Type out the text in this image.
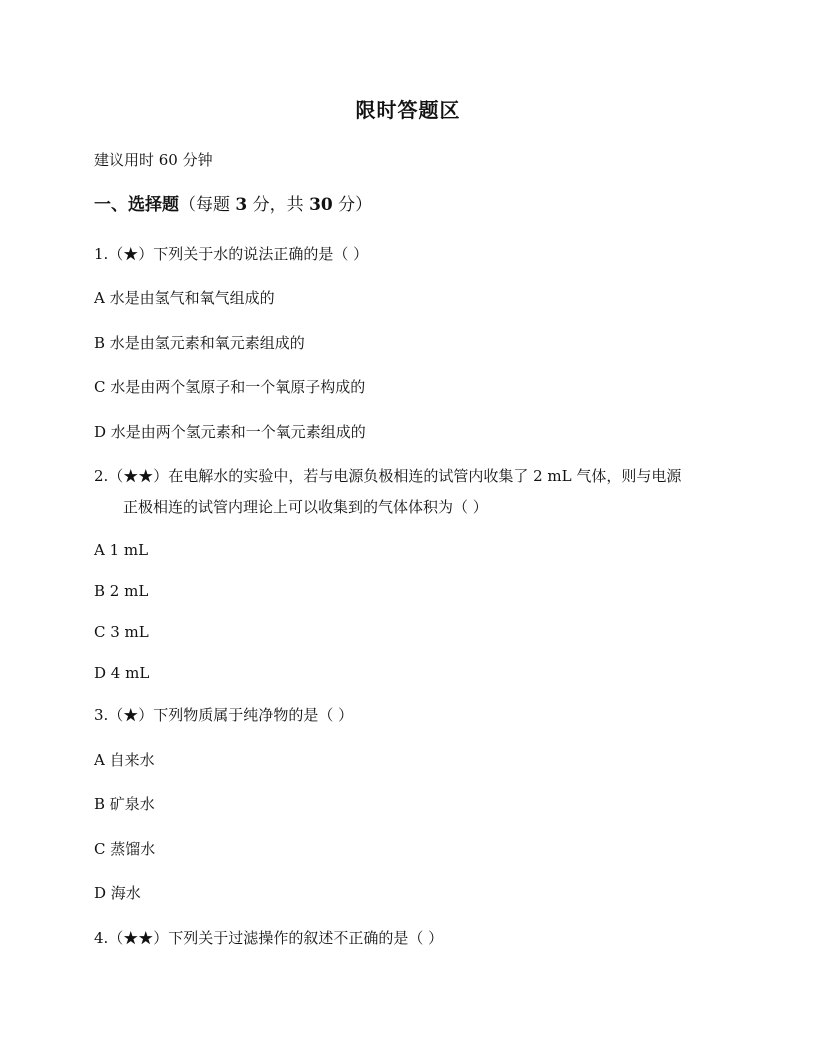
限时答题区
建议用时 60 分钟
一、选择题（每题 3 分，共 30 分）
1.（★）下列关于水的说法正确的是（ ）
A 水是由氢气和氧气组成的
B 水是由氢元素和氧元素组成的
C 水是由两个氢原子和一个氧原子构成的
D 水是由两个氢元素和一个氧元素组成的
2.（★★）在电解水的实验中，若与电源负极相连的试管内收集了 2 mL 气体，则与电源
正极相连的试管内理论上可以收集到的气体体积为（ ）
A 1 mL
B 2 mL
C 3 mL
D 4 mL
3.（★）下列物质属于纯净物的是（ ）
A 自来水
B 矿泉水
C 蒸馏水
D 海水
4.（★★）下列关于过滤操作的叙述不正确的是（ ）
